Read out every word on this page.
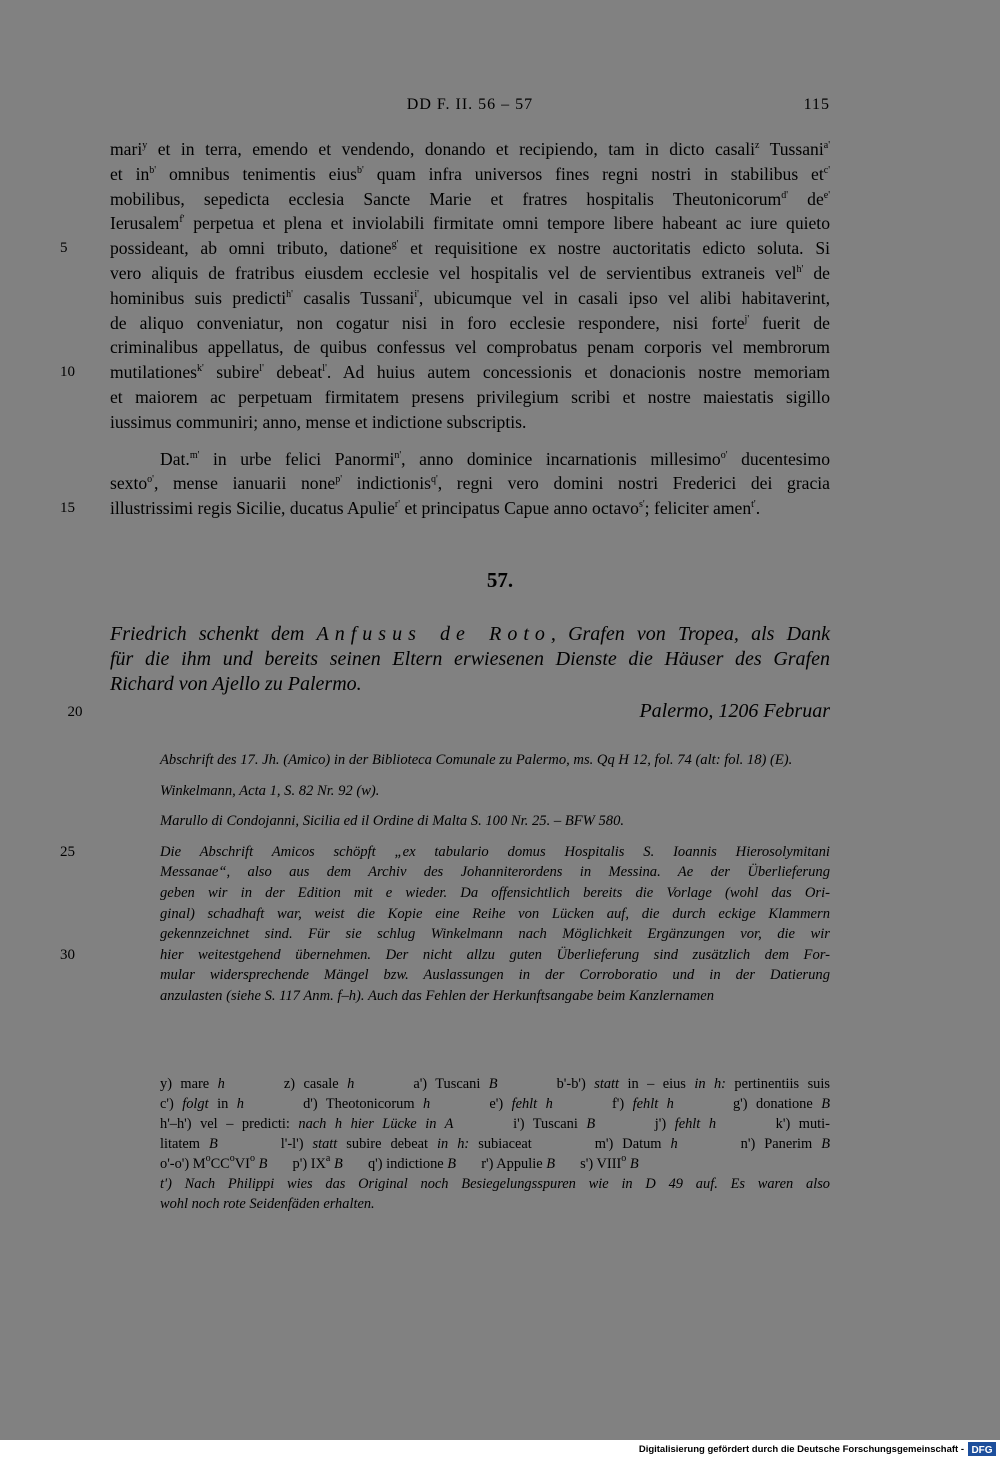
DD F. II. 56 – 57	115
mari$^y$ et in terra, emendo et vendendo, donando et recipiendo, tam in dicto casali$^z$ Tussani$^{a'}$
et $in^{b'}$ omnibus tenimentis eius$^{b'}$ quam infra universos fines regni nostri in stabilibus $et^{c'}$
mobilibus, sepedicta ecclesia Sancte Marie et fratres hospitalis Theutonicorum$^{d'}$ $de^{e'}$
Ierusalem$^{f'}$ perpetua et plena et inviolabili firmitate omni tempore libere habeant ac iure quieto
5	possideant, ab omni tributo, datione$^{g'}$ et requisitione ex nostre auctoritatis edicto soluta. Si
vero aliquis de fratribus eiusdem ecclesie vel hospitalis vel de servientibus extraneis vel$^{h'}$ de
hominibus suis predicti$^{h'}$ casalis Tussani$^{i'}$, ubicumque vel in casali ipso vel alibi habitaverint,
de aliquo conveniatur, non cogatur nisi in foro ecclesie respondere, nisi forte$^{j'}$ fuerit de
criminalibus appellatus, de quibus confessus vel comprobatus penam corporis vel membrorum
10	mutilationes$^{k'}$ subire$^{l'}$ debeat$^{l'}$. Ad huius autem concessionis et donacionis nostre memoriam
et maiorem ac perpetuam firmitatem presens privilegium scribi et nostre maiestatis sigillo
iussimus communiri; anno, mense et indictione subscriptis.
Dat.$^{m'}$ in urbe felici Panormi$^{n'}$, anno dominice incarnationis millesimo$^{o'}$ ducentesimo
sexto$^{o'}$, mense ianuarii none$^{p'}$ indictionis$^{q'}$, regni vero domini nostri Frederici dei gracia
15	illustrissimi regis Sicilie, ducatus Apulie$^{r'}$ et principatus Capue anno octavo$^{s'}$; feliciter amen$^{t'}$.
57.
Friedrich schenkt dem Anfusus de Roto, Grafen von Tropea, als Dank
für die ihm und bereits seinen Eltern erwiesenen Dienste die Häuser des Grafen
Richard von Ajello zu Palermo.
20	Palermo, 1206 Februar

Abschrift des 17. Jh. (Amico) in der Biblioteca Comunale zu Palermo, ms. Qq H 12, fol. 74 (alt: fol. 18) (E).

Winkelmann, Acta 1, S. 82 Nr. 92 (w).

Marullo di Condojanni, Sicilia ed il Ordine di Malta S. 100 Nr. 25. – BFW 580.

25	Die Abschrift Amicos schöpft „ex tabulario domus Hospitalis S. Ioannis Hierosolymitani
Messanae“, also aus dem Archiv des Johanniterordens in Messina. Ae der Überlieferung
geben wir in der Edition mit e wieder. Da offensichtlich bereits die Vorlage (wohl das Ori-
ginal) schadhaft war, weist die Kopie eine Reihe von Lücken auf, die durch eckige Klammern
gekennzeichnet sind. Für sie schlug Winkelmann nach Möglichkeit Ergänzungen vor, die wir
30	hier weitestgehend übernehmen. Der nicht allzu guten Überlieferung sind zusätzlich dem For-
mular widersprechende Mängel bzw. Auslassungen in der Corroboratio und in der Datierung
anzulasten (siehe S. 117 Anm. f–h). Auch das Fehlen der Herkunftsangabe beim Kanzlernamen
y) mare h       z) casale h       a') Tuscani B       b'-b') statt in – eius in h: pertinentiis suis
c') folgt in h       d') Theotonicorum h       e') fehlt h       f') fehlt h       g') donatione B
h'–h') vel – predicti: nach h hier Lücke in A       i') Tuscani B       j') fehlt h       k') muti-
litatem B       l'-l') statt subire debeat in h: subiaceat       m') Datum h       n') Panerim B
o'-o') $M^oCC^oVI^o$ B       p') $IX^a$ B       q') indictione B       r') Appulie B       s') VIII$^o$ B
t') Nach Philippi wies das Original noch Besiegelungsspuren wie in D 49 auf. Es waren also
wohl noch rote Seidenfäden erhalten.
Digitalisierung gefördert durch die Deutsche Forschungsgemeinschaft - DFG
